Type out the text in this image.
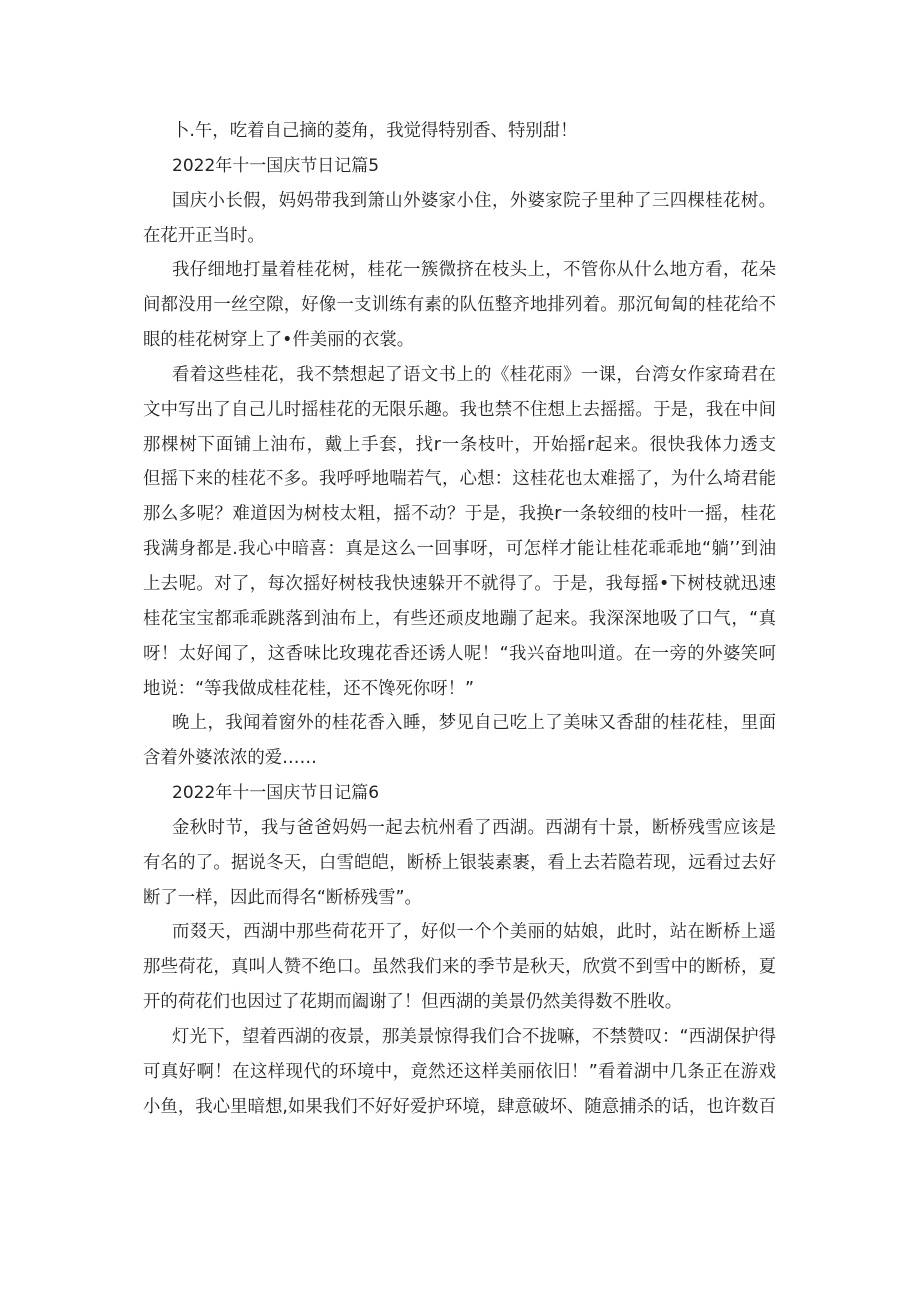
卜.午，吃着自己摘的菱角，我觉得特别香、特别甜！
2022年十一国庆节日记篇5
国庆小长假，妈妈带我到箫山外婆家小住，外婆家院子里种了三四棵桂花树。
在花开正当时。
我仔细地打量着桂花树，桂花一簇微挤在枝头上，不管你从什么地方看，花朵
间都没用一丝空隙，好像一支训练有素的队伍整齐地排列着。那沉甸匐的桂花给不
眼的桂花树穿上了•件美丽的衣裳。
看着这些桂花，我不禁想起了语文书上的《桂花雨》一课，台湾女作家琦君在
文中写出了自己儿时摇桂花的无限乐趣。我也禁不住想上去摇摇。于是，我在中间
那棵树下面铺上油布，戴上手套，找r一条枝叶，开始摇r起来。很快我体力透支
但摇下来的桂花不多。我呼呼地喘若气，心想：这桂花也太难摇了，为什么埼君能
那么多呢？难道因为树枝太粗，摇不动？于是，我换r一条较细的枝叶一摇，桂花
我满身都是.我心中暗喜：真是这么一回事呀，可怎样才能让桂花乖乖地“躺’’到油
上去呢。对了，每次摇好树枝我快速躲开不就得了。于是，我每摇•下树枝就迅速
桂花宝宝都乖乖跳落到油布上，有些还顽皮地蹦了起来。我深深地吸了口气，“真
呀！太好闻了，这香味比玫瑰花香还诱人呢！“我兴奋地叫道。在一旁的外婆笑呵
地说：“等我做成桂花桂，还不馋死你呀！”
晚上，我闻着窗外的桂花香入睡，梦见自己吃上了美味又香甜的桂花桂，里面
含着外婆浓浓的爱……
2022年十一国庆节日记篇6
金秋时节，我与爸爸妈妈一起去杭州看了西湖。西湖有十景，断桥残雪应该是
有名的了。据说冬天，白雪皑皑，断桥上银装素裹，看上去若隐若现，远看过去好
断了一样，因此而得名“断桥残雪”。
而叕天，西湖中那些荷花开了，好似一个个美丽的姑娘，此时，站在断桥上遥
那些荷花，真叫人赞不绝口。虽然我们来的季节是秋天，欣赏不到雪中的断桥，夏
开的荷花们也因过了花期而阖谢了！但西湖的美景仍然美得数不胜收。
灯光下，望着西湖的夜景，那美景惊得我们合不拢嘛，不禁赞叹：“西湖保护得
可真好啊！在这样现代的环境中，竟然还这样美丽依旧！”看着湖中几条正在游戏
小鱼，我心里暗想,如果我们不好好爱护环境，肆意破坏、随意捕杀的话，也许数百
